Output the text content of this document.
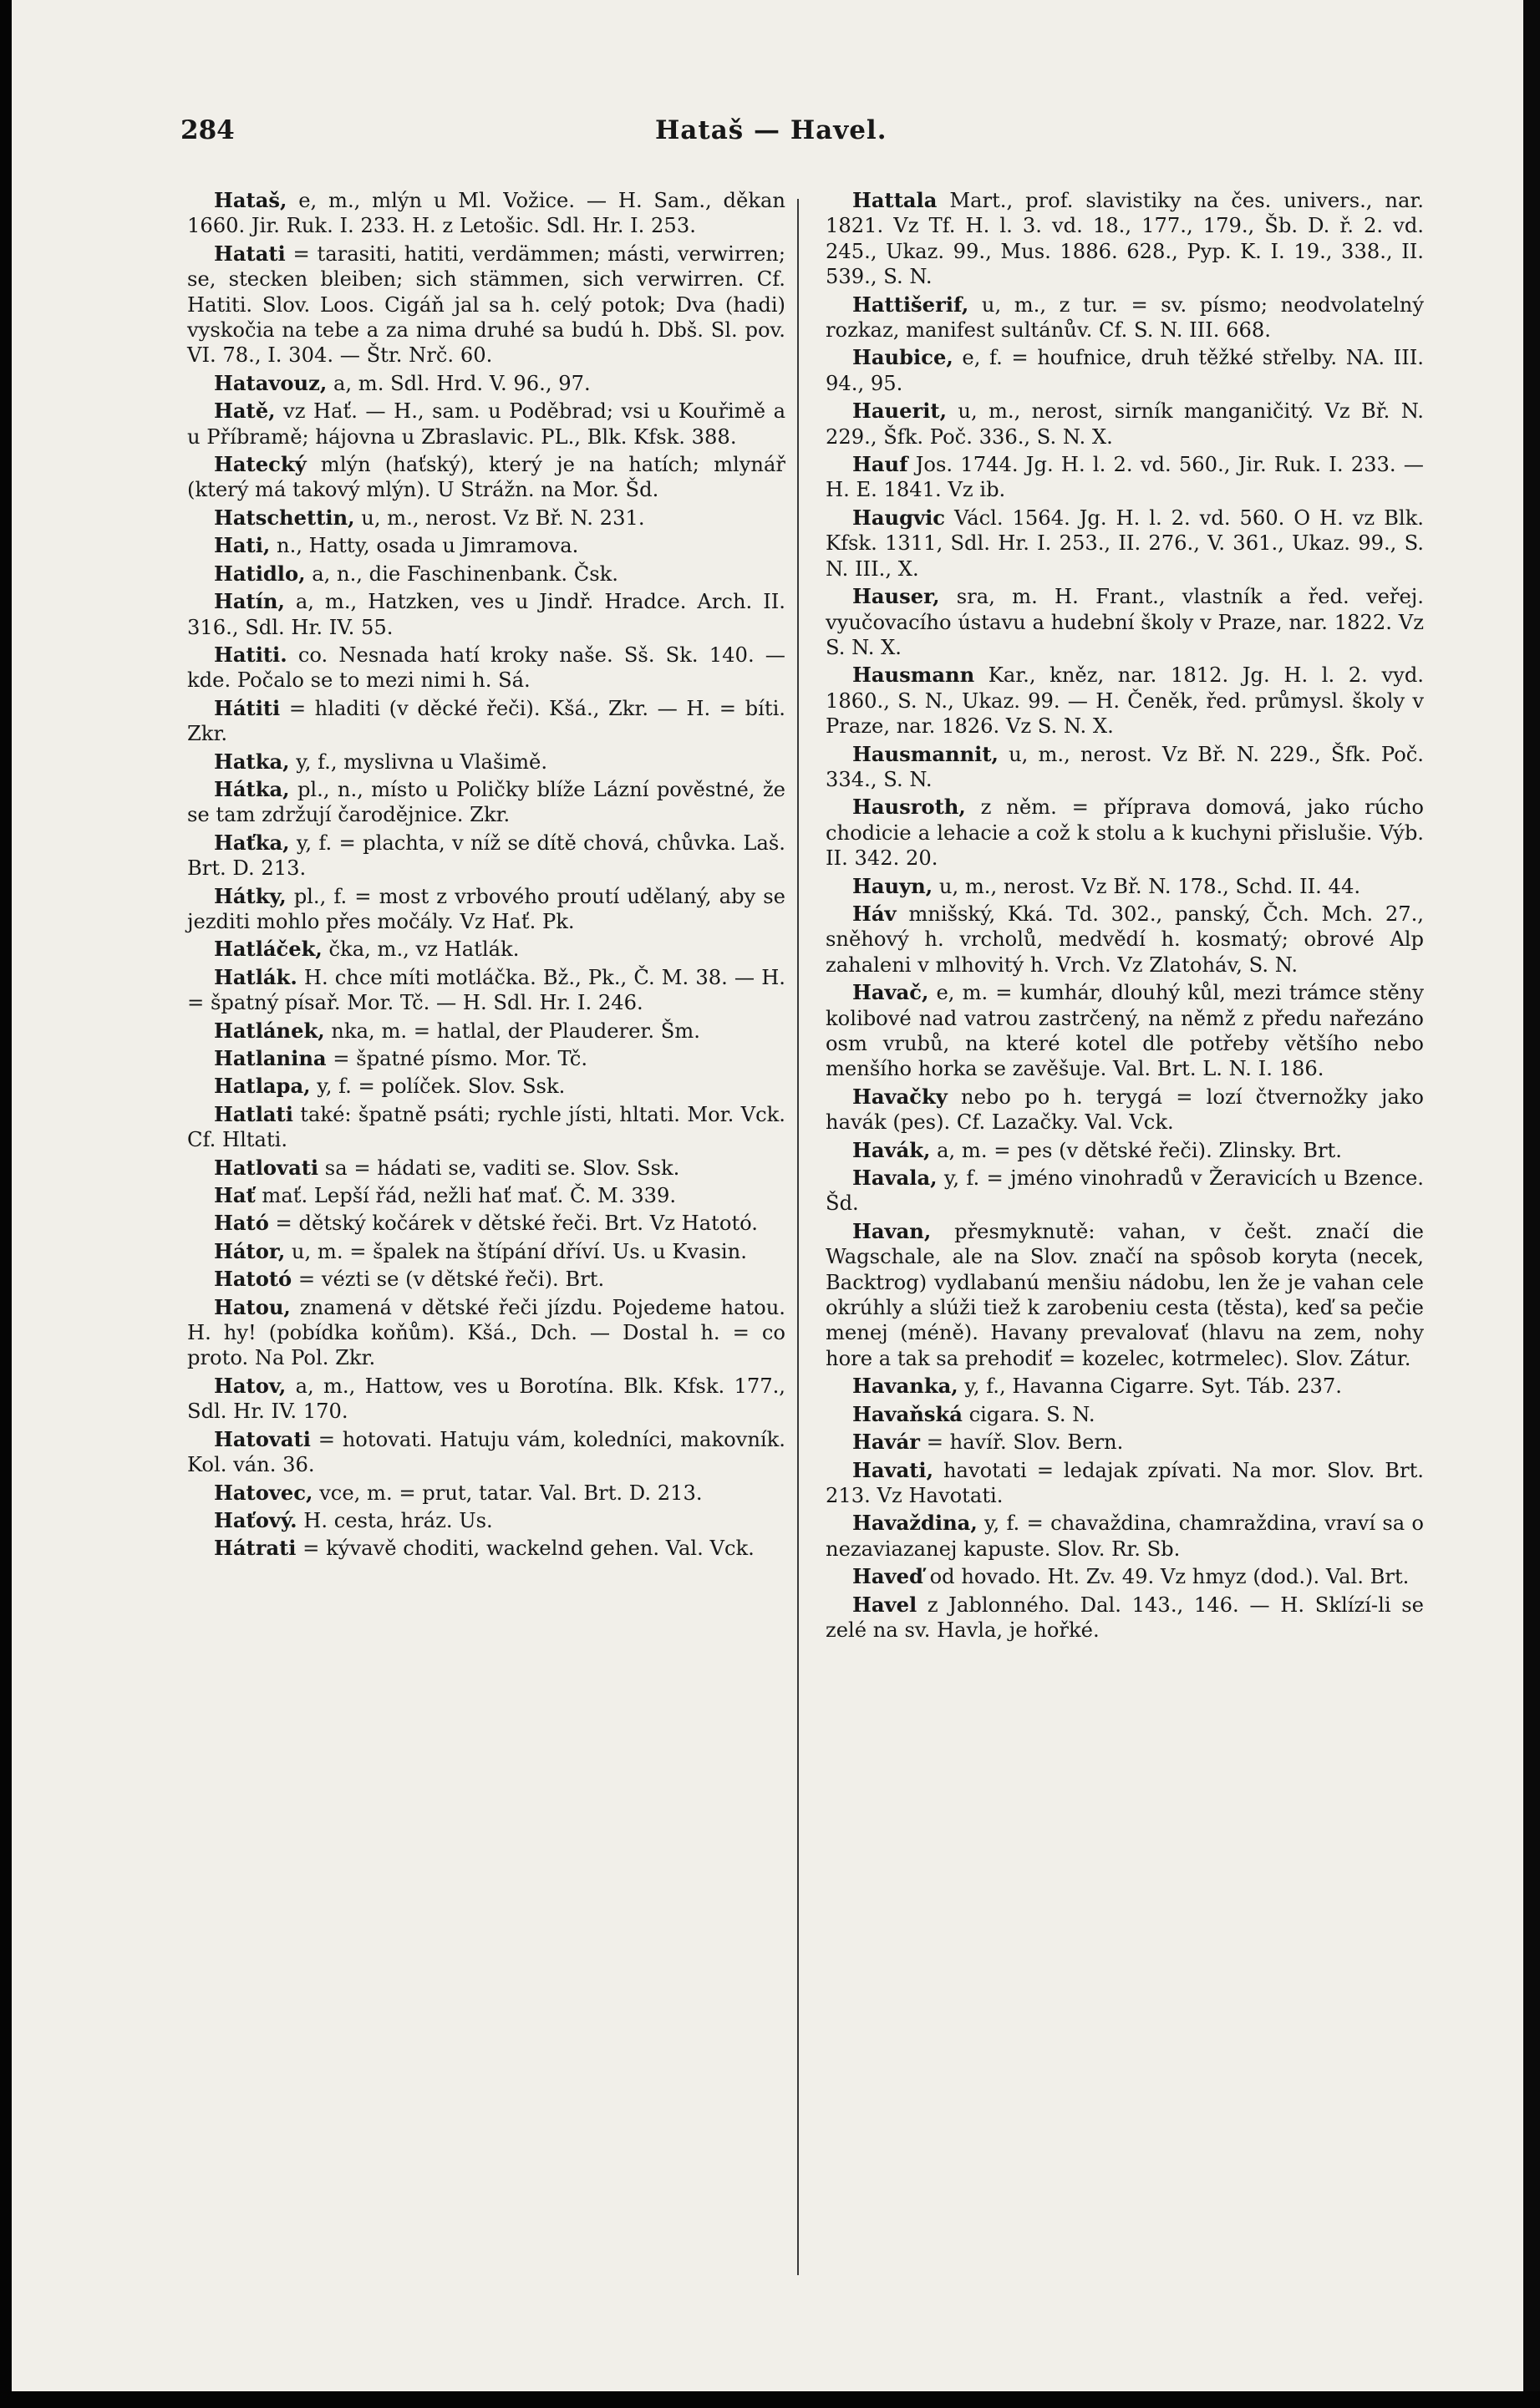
284	Hataš — Havel.
Hataš, e, m., mlýn u Ml. Vožice. — H. Sam., děkan 1660. Jir. Ruk. I. 233. H. z Letošic. Sdl. Hr. I. 253.
Hatati = tarasiti, hatiti, verdämmen; másti, verwirren; se, stecken bleiben; sich stämmen, sich verwirren. Cf. Hatiti. Slov. Loos. Cigáň jal sa h. celý potok; Dva (hadi) vyskočia na tebe a za nima druhé sa budú h. Dbš. Sl. pov. VI. 78., I. 304. — Štr. Nrč. 60.
Hatavouz, a, m. Sdl. Hrd. V. 96., 97.
Hatě, vz Hať. — H., sam. u Poděbrad; vsi u Kouřimě a u Příbramě; hájovna u Zbraslavic. PL., Blk. Kfsk. 388.
Hatecký mlýn (haťský), který je na hatích; mlynář (který má takový mlýn). U Strážn. na Mor. Šd.
Hatschettin, u, m., nerost. Vz Bř. N. 231.
Hati, n., Hatty, osada u Jimramova.
Hatidlo, a, n., die Faschinenbank. Čsk.
Hatín, a, m., Hatzken, ves u Jindř. Hradce. Arch. II. 316., Sdl. Hr. IV. 55.
Hatiti. co. Nesnada hatí kroky naše. Sš. Sk. 140. — kde. Počalo se to mezi nimi h. Sá.
Hátiti = hladiti (v děcké řeči). Kšá., Zkr. — H. = bíti. Zkr.
Hatka, y, f., myslivna u Vlašimě.
Hátka, pl., n., místo u Poličky blíže Lázní pověstné, že se tam zdržují čarodějnice. Zkr.
Haťka, y, f. = plachta, v níž se dítě chová, chůvka. Laš. Brt. D. 213.
Hátky, pl., f. = most z vrbového proutí udělaný, aby se jezditi mohlo přes močály. Vz Hať. Pk.
Hatláček, čka, m., vz Hatlák.
Hatlák. H. chce míti motláčka. Bž., Pk., Č. M. 38. — H. = špatný písař. Mor. Tč. — H. Sdl. Hr. I. 246.
Hatlánek, nka, m. = hatlal, der Plauderer. Šm.
Hatlanina = špatné písmo. Mor. Tč.
Hatlapa, y, f. = políček. Slov. Ssk.
Hatlati také: špatně psáti; rychle jísti, hltati. Mor. Vck. Cf. Hltati.
Hatlovati sa = hádati se, vaditi se. Slov. Ssk.
Hať mať. Lepší řád, nežli hať mať. Č. M. 339.
Ható = dětský kočárek v dětské řeči. Brt. Vz Hatotó.
Hátor, u, m. = špalek na štípání dříví. Us. u Kvasin.
Hatotó = vézti se (v dětské řeči). Brt.
Hatou, znamená v dětské řeči jízdu. Pojedeme hatou. H. hy! (pobídka koňům). Kšá., Dch. — Dostal h. = co proto. Na Pol. Zkr.
Hatov, a, m., Hattow, ves u Borotína. Blk. Kfsk. 177., Sdl. Hr. IV. 170.
Hatovati = hotovati. Hatuju vám, koledníci, makovník. Kol. ván. 36.
Hatovec, vce, m. = prut, tatar. Val. Brt. D. 213.
Haťový. H. cesta, hráz. Us.
Hátrati = kývavě choditi, wackelnd gehen. Val. Vck.
Hattala Mart., prof. slavistiky na čes. univers., nar. 1821. Vz Tf. H. l. 3. vd. 18., 177., 179., Šb. D. ř. 2. vd. 245., Ukaz. 99., Mus. 1886. 628., Pyp. K. I. 19., 338., II. 539., S. N.
Hattišerif, u, m., z tur. = sv. písmo; neodvolatelný rozkaz, manifest sultánův. Cf. S. N. III. 668.
Haubice, e, f. = houfnice, druh těžké střelby. NA. III. 94., 95.
Hauerit, u, m., nerost, sirník manganičitý. Vz Bř. N. 229., Šfk. Poč. 336., S. N. X.
Hauf Jos. 1744. Jg. H. l. 2. vd. 560., Jir. Ruk. I. 233. — H. E. 1841. Vz ib.
Haugvic Václ. 1564. Jg. H. l. 2. vd. 560. O H. vz Blk. Kfsk. 1311, Sdl. Hr. I. 253., II. 276., V. 361., Ukaz. 99., S. N. III., X.
Hauser, sra, m. H. Frant., vlastník a řed. veřej. vyučovacího ústavu a hudební školy v Praze, nar. 1822. Vz S. N. X.
Hausmann Kar., kněz, nar. 1812. Jg. H. l. 2. vyd. 1860., S. N., Ukaz. 99. — H. Čeněk, řed. průmysl. školy v Praze, nar. 1826. Vz S. N. X.
Hausmannit, u, m., nerost. Vz Bř. N. 229., Šfk. Poč. 334., S. N.
Hausroth, z něm. = příprava domová, jako rúcho chodicie a lehacie a což k stolu a k kuchyni přislušie. Výb. II. 342. 20.
Hauyn, u, m., nerost. Vz Bř. N. 178., Schd. II. 44.
Háv mnišský, Kká. Td. 302., panský, Čch. Mch. 27., sněhový h. vrcholů, medvědí h. kosmatý; obrové Alp zahaleni v mlhovitý h. Vrch. Vz Zlatoháv, S. N.
Havač, e, m. = kumhár, dlouhý kůl, mezi trámce stěny kolibové nad vatrou zastrčený, na němž z předu nařezáno osm vrubů, na které kotel dle potřeby většího nebo menšího horka se zavěšuje. Val. Brt. L. N. I. 186.
Havačky nebo po h. terygá = lozí čtvernožky jako havák (pes). Cf. Lazačky. Val. Vck.
Havák, a, m. = pes (v dětské řeči). Zlinsky. Brt.
Havala, y, f. = jméno vinohradů v Žeravicích u Bzence. Šd.
Havan, přesmyknutě: vahan, v češt. značí die Wagschale, ale na Slov. značí na spôsob koryta (necek, Backtrog) vydlabanú menšiu nádobu, len že je vahan cele okrúhly a slúži tiež k zarobeniu cesta (těsta), keď sa pečie menej (méně). Havany prevalovať (hlavu na zem, nohy hore a tak sa prehodiť = kozelec, kotrmelec). Slov. Zátur.
Havanka, y, f., Havanna Cigarre. Syt. Táb. 237.
Havaňská cigara. S. N.
Havár = havíř. Slov. Bern.
Havati, havotati = ledajak zpívati. Na mor. Slov. Brt. 213. Vz Havotati.
Havaždina, y, f. = chavaždina, chamraždina, vraví sa o nezaviazanej kapuste. Slov. Rr. Sb.
Haveď od hovado. Ht. Zv. 49. Vz hmyz (dod.). Val. Brt.
Havel z Jablonného. Dal. 143., 146. — H. Sklízí-li se zelé na sv. Havla, je hořké.
